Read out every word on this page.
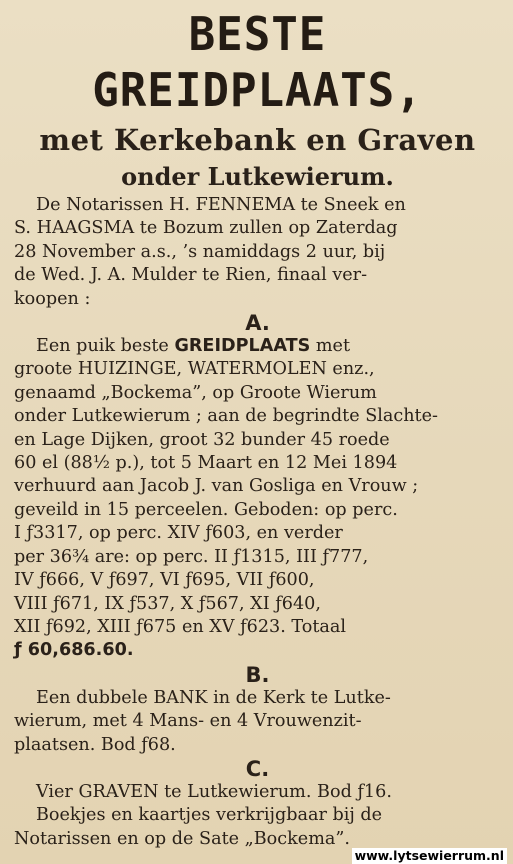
BESTE GREIDPLAATS,
met Kerkebank en Graven
onder Lutkewierum.
De Notarissen H. FENNEMA te Sneek en
S. HAAGSMA te Bozum zullen op Zaterdag
28 November a.s., ’s namiddags 2 uur, bij
de Wed. J. A. Mulder te Rien, finaal ver-
koopen :
A.
Een puik beste GREIDPLAATS met
groote HUIZINGE, WATERMOLEN enz.,
genaamd „Bockema”, op Groote Wierum
onder Lutkewierum ; aan de begrindte Slachte-
en Lage Dijken, groot 32 bunder 45 roede
60 el (88½ p.), tot 5 Maart en 12 Mei 1894
verhuurd aan Jacob J. van Gosliga en Vrouw ;
geveild in 15 perceelen. Geboden: op perc.
I ƒ3317, op perc. XIV ƒ603, en verder
per 36¾ are: op perc. II ƒ1315, III ƒ777,
IV ƒ666, V ƒ697, VI ƒ695, VII ƒ600,
VIII ƒ671, IX ƒ537, X ƒ567, XI ƒ640,
XII ƒ692, XIII ƒ675 en XV ƒ623. Totaal
ƒ 60,686.60.
B.
Een dubbele BANK in de Kerk te Lutke-
wierum, met 4 Mans- en 4 Vrouwenzit-
plaatsen. Bod ƒ68.
C.
Vier GRAVEN te Lutkewierum. Bod ƒ16.
Boekjes en kaartjes verkrijgbaar bij de
Notarissen en op de Sate „Bockema”.
www.lytsewierrum.nl
